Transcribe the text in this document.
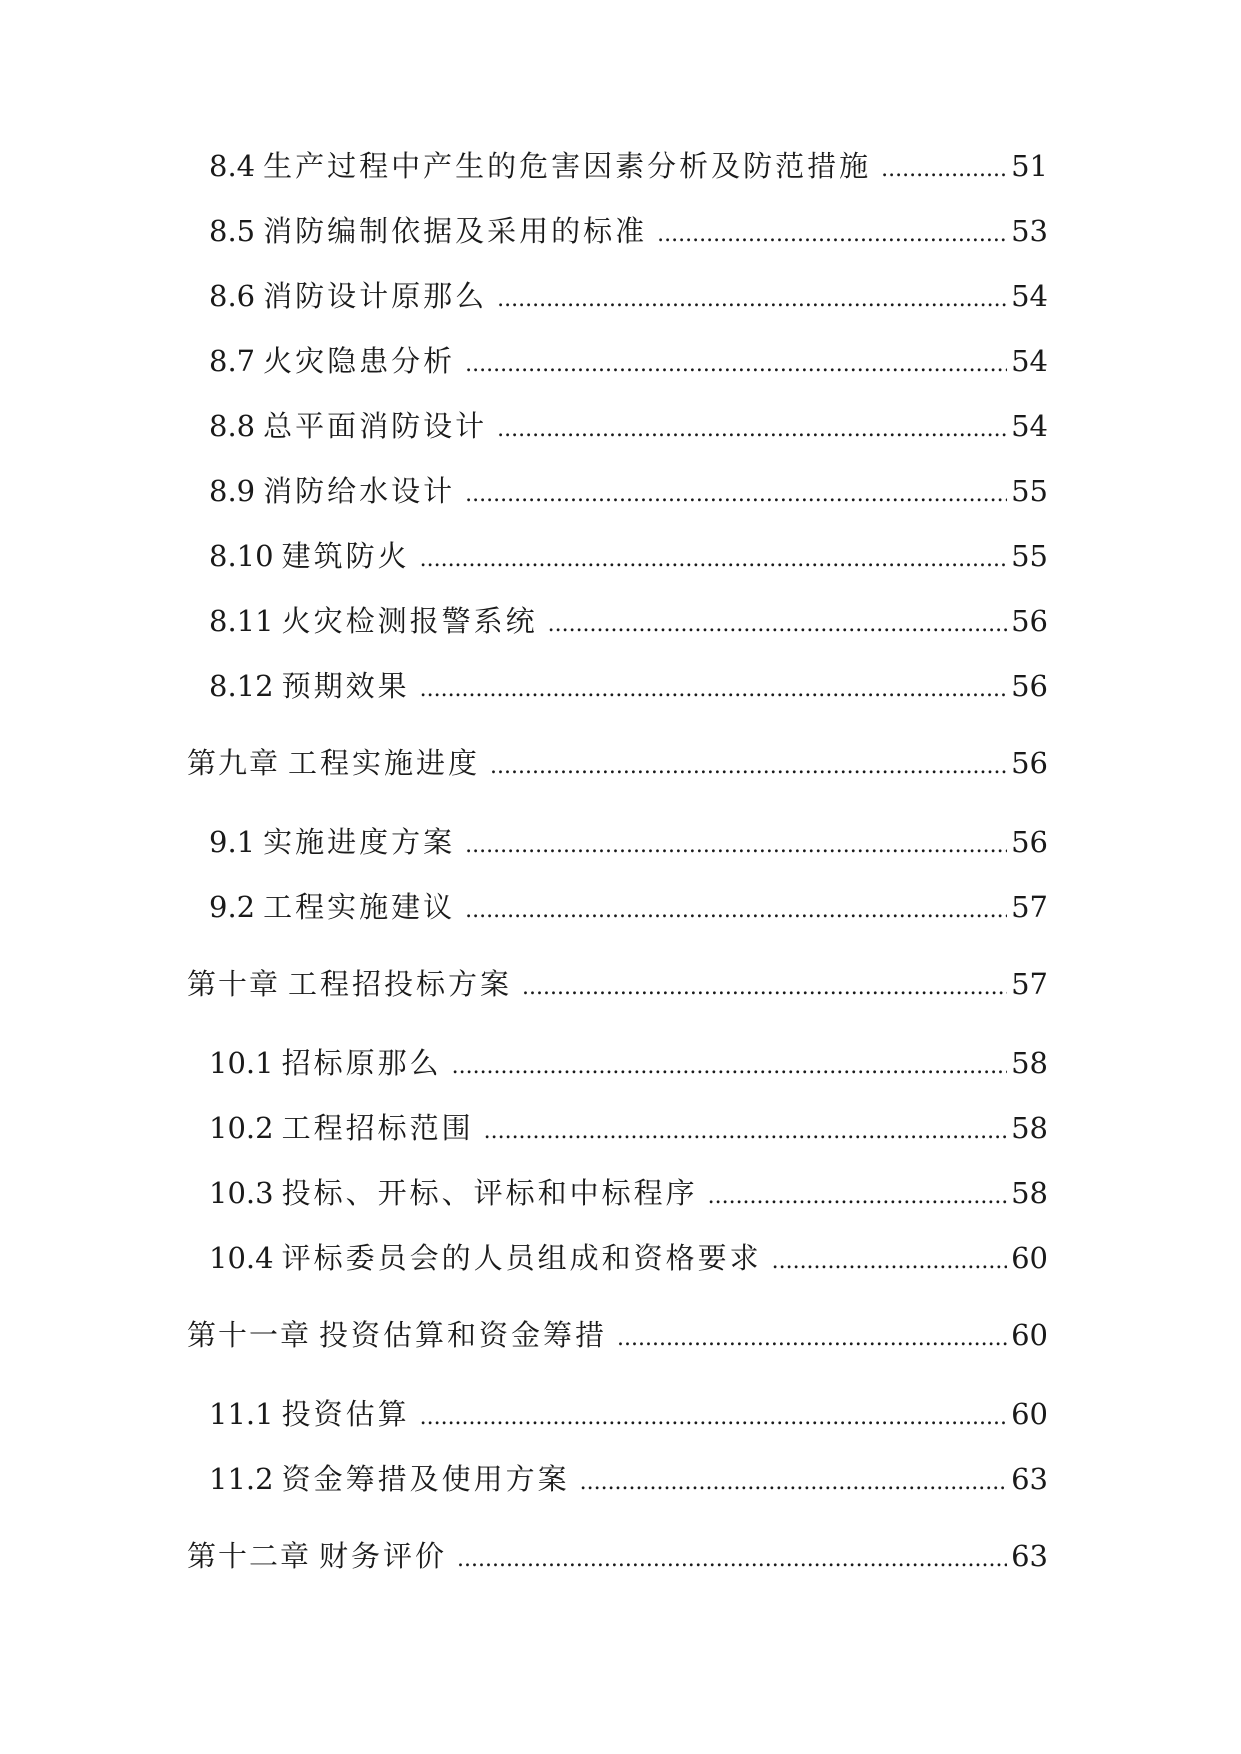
8.4 生产过程中产生的危害因素分析及防范措施 .....	51
8.5 消防编制依据及采用的标准 .....	53
8.6 消防设计原那么 .....	54
8.7 火灾隐患分析 .....	54
8.8 总平面消防设计 .....	54
8.9 消防给水设计 .....	55
8.10 建筑防火 .....	55
8.11 火灾检测报警系统 .....	56
8.12 预期效果 .....	56
第九章 工程实施进度 .....	56
9.1 实施进度方案 .....	56
9.2 工程实施建议 .....	57
第十章 工程招投标方案 .....	57
10.1 招标原那么 .....	58
10.2 工程招标范围 .....	58
10.3 投标、开标、评标和中标程序 .....	58
10.4 评标委员会的人员组成和资格要求 .....	60
第十一章 投资估算和资金筹措 .....	60
11.1 投资估算 .....	60
11.2 资金筹措及使用方案 .....	63
第十二章 财务评价 .....	63
